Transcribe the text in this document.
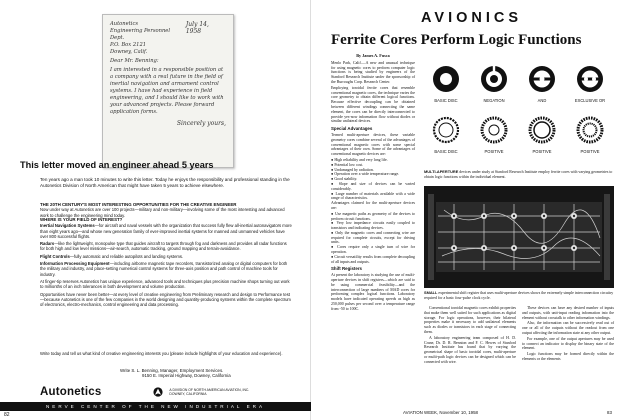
Autonetics
Engineering Personnel Dept.
P.O. Box 2121
Downey, Calif.
July 14, 1958

Dear Mr. Benning:

I am interested in a responsible position at a company with a real future in the field of inertial navigation and armament control systems. I have had experience in field engineering, and I should like to work with your advanced projects. Please forward application forms.

Sincerely yours,

This letter moved an engineer ahead 5 years
Ten years ago a man took 10 minutes to write this letter. Today he enjoys the responsibility and professional standing in the Autonetics Division of North American that might have taken 5 years to achieve elsewhere.
THE 20TH CENTURY'S MOST INTERESTING OPPORTUNITIES FOR THE CREATIVE ENGINEER
Now under way at Autonetics are over 100 projects—military and non-military—involving some of the most interesting and advanced work to challenge the engineering mind today.
WHERE IS YOUR FIELD OF INTEREST?
Inertial Navigation Systems—for aircraft and naval vessels with the organization that success fully flew all-inertial autonavigators more than eight years ago—and whose new generation family of ever-improved inertial systems for manned and unmanned vehicles have over 800 successful flights.
Radars—like the lightweight, monopulse type that guides aircraft to targets through fog and darkness and provides all radar functions for both high and low level missions—air-search, automatic tracking, ground mapping and terrain-avoidance.
Flight Controls—fully automatic and reliable autopilots and landing systems.
Information Processing Equipment—including airborne magnetic tape recorders, transistorized analog or digital computers for both the military and industry, and place-setting numerical control systems for three-axis position and path control of machine tools for industry.
At finger-tip reserves Autonetics has unique experience, advanced tools and techniques plus precision machine shops turning out work to millionths of an inch tolerances in both development and volume production.
Opportunities have never been better—at every level of creative engineering from Preliminary research and design to Performance test—because Autonetics is one of the few companies in the world designing and quantity-producing systems within the complete spectrum of electronics, electro-mechanics, control engineering and data processing.
Write today and tell us what kind of creative engineering interests you (please include highlights of your education and experience).
Write S. L. Benning, Manager, Employment Services.
9150 E. Imperial Highway, Downey, California
Autonetics	A DIVISION OF NORTH AMERICAN AVIATION, INC.
DOWNEY, CALIFORNIA
NERVE CENTER OF THE NEW INDUSTRIAL ERA
82
AVIONICS
Ferrite Cores Perform Logic Functions
By James A. Fusca

Menlo Park, Calif.—A new and unusual technique for using magnetic cores to perform computer logic functions is being studied by engineers of the Stanford Research Institute under the sponsorship of the Burroughs Corp. Research Center.

Employing toroidal ferrite cores that resemble conventional magnetic cores, the technique varies the core geometry to obtain different logical functions. Because effective decoupling can be obtained between different windings connecting the same element, the cores can be directly interconnected to provide yes-now information flow without diodes or similar unilateral devices.

Special Advantages

Termed multi-aperture devices, these variable geometry cores combine several of the advantages of conventional magnetic cores with some special advantages of their own. Some of the advantages of conventional magnetic devices are:

● High reliability and very long life.
● Potential low cost.
● Undamaged by radiation.
● Operation over a wide temperature range.
● Good stability.
● Slope and size of devices can be varied considerably.
● Large number of materials available with a wide range of characteristics.

Advantages claimed for the multi-aperture devices are:

● Use magnetic paths as geometry of the devices to perform circuit functions.
● Very low impedance circuits easily coupled to transistors and indicating devices.
● Only the magnetic cores and connecting wire are required for complete circuits, except for driving units.
● Cores require only a single turn of wire for operation.
● Circuit versatility results from complete decoupling of all inputs and outputs.
Shift Registers

At present the laboratory is studying the use of multi-aperture devices in shift registers—which are said to be using commercial feasibility—and the interconnection of large numbers of MAD cores for performing complex logical functions. Laboratory models have indicated operating speeds as high as 250,000 pulses per second over a temperature range from -50 to 100C.

BASIC DISC	NEGATION	AND	EXCLUSIVE OR
BASIC DISC	POSITIVE	POSITIVE	POSITIVE
MULTI-APERTURE devices under study at Stanford Research Institute employ ferrite cores with varying geometries to obtain logic functions within the individual element.
SMALL experimental shift register that uses multi-aperture devices shows the extremely simple interconnection circuitry required for a basic four-pulse clock cycle.

Conventional toroidal magnetic cores exhibit properties that make them well suited for such applications as digital storage. For logic operations, however, their bilateral properties make it necessary to add unilateral elements such as diodes or transistors in each stage of connecting them.

A laboratory engineering team composed of H. D. Crane, Dr. D. R. Bennion and F. C. Hewes of Stanford Research Institute has found that by varying the geometrical shape of basic toroidal cores, multi-aperture or multi-path logic devices can be designed which can be connected with wire.

These devices can have any desired number of inputs and outputs, with unit-input reading information into the element without crosstalk to other information windings.

Also, the information can be successively read out of one or all of the outputs without the readout from one output affecting the information state at any other output.

For example, one of the output apertures may be used to connect an indicator to display the binary state of the element.

Logic functions may be formed directly within the elements or the elements

AVIATION WEEK, November 10, 1958	83
